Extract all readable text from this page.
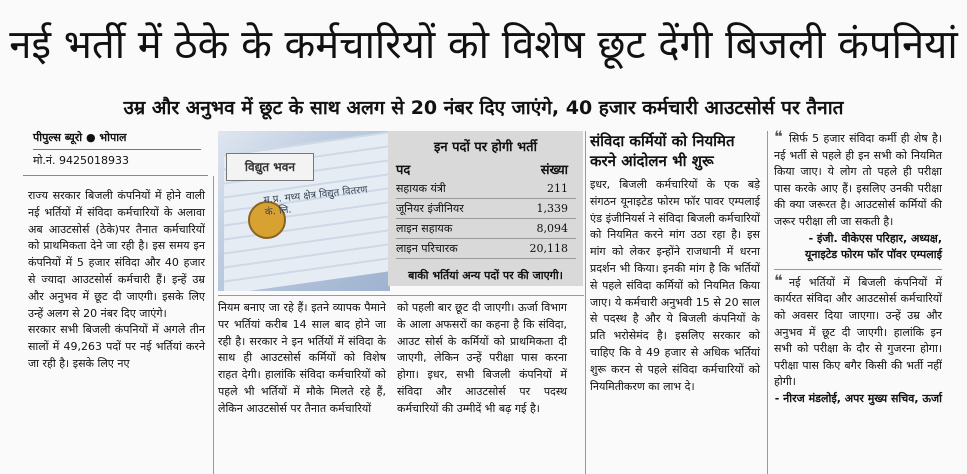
नई भर्ती में ठेके के कर्मचारियों को विशेष छूट देंगी बिजली कंपनियां
उम्र और अनुभव में छूट के साथ अलग से 20 नंबर दिए जाएंगे, 40 हजार कर्मचारी आउटसोर्स पर तैनात
पीपुल्स ब्यूरो ● भोपाल
मो.नं. 9425018933	विद्युत भवन
म.प्र. मध्य क्षेत्र विद्युत वितरण कं. लि.
इन पदों पर होगी भर्ती
पद	संख्या
सहायक यंत्री	211
जूनियर इंजीनियर	1,339
लाइन सहायक	8,094
लाइन परिचारक	20,118
बाकी भर्तियां अन्य पदों पर की जाएगी।

राज्य सरकार बिजली कंपनियों में होने वाली नई भर्तियों में संविदा कर्मचारियों के अलावा अब आउटसोर्स (ठेके)पर तैनात कर्मचारियों को प्राथमिकता देने जा रही है। इस समय इन कंपनियों में 5 हजार संविदा और 40 हजार से ज्यादा आउटसोर्स कर्मचारी हैं। इन्हें उम्र और अनुभव में छूट दी जाएगी। इसके लिए उन्हें अलग से 20 नंबर दिए जाएंगे।

सरकार सभी बिजली कंपनियों में अगले तीन सालों में 49,263 पदों पर नई भर्तियां करने जा रही है। इसके लिए नए

नियम बनाए जा रहे हैं। इतने व्यापक पैमाने पर भर्तियां करीब 14 साल बाद होने जा रही है। सरकार ने इन भर्तियों में संविदा के साथ ही आउटसोर्स कर्मियों को विशेष राहत देगी। हालांकि संविदा कर्मचारियों को पहले भी भर्तियों में मौके मिलते रहे हैं, लेकिन आउटसोर्स पर तैनात कर्मचारियों

को पहली बार छूट दी जाएगी। ऊर्जा विभाग के आला अफसरों का कहना है कि संविदा, आउट सोर्स के कर्मियों को प्राथमिकता दी जाएगी, लेकिन उन्हें परीक्षा पास करना होगा। इधर, सभी बिजली कंपनियों में संविदा और आउटसोर्स पर पदस्थ कर्मचारियों की उम्मीदें भी बढ़ गई है।

संविदा कर्मियों को नियमित करने आंदोलन भी शुरू

इधर, बिजली कर्मचारियों के एक बड़े संगठन यूनाइटेड फोरम फॉर पावर एम्पलाई एंड इंजीनियर्स ने संविदा बिजली कर्मचारियों को नियमित करने मांग उठा रहा है। इस मांग को लेकर इन्होंने राजधानी में धरना प्रदर्शन भी किया। इनकी मांग है कि भर्तियों से पहले संविदा कर्मियों को नियमित किया जाए। ये कर्मचारी अनुभवी 15 से 20 साल से पदस्थ है और ये बिजली कंपनियों के प्रति भरोसेमंद है। इसलिए सरकार को चाहिए कि वे 49 हजार से अधिक भर्तियां शुरू करन से पहले संविदा कर्मचारियों को नियमितीकरण का लाभ दे।

❝ सिर्फ 5 हजार संविदा कर्मी ही शेष है। नई भर्ती से पहले ही इन सभी को नियमित किया जाए। ये लोग तो पहले ही परीक्षा पास करके आए हैं। इसलिए उनकी परीक्षा की क्या जरूरत है। आउटसोर्स कर्मियों की जरूर परीक्षा ली जा सकती है।

- इंजी. वीकेएस परिहार, अध्यक्ष, यूनाइटेड फोरम फॉर पॉवर एम्पलाई

❝ नई भर्तियों में बिजली कंपनियों में कार्यरत संविदा और आउटसोर्स कर्मचारियों को अवसर दिया जाएगा। उन्हें उम्र और अनुभव में छूट दी जाएगी। हालांकि इन सभी को परीक्षा के दौर से गुजरना होगा। परीक्षा पास किए बगैर किसी की भर्ती नहीं होगी।

- नीरज मंडलोई, अपर मुख्य सचिव, ऊर्जा
